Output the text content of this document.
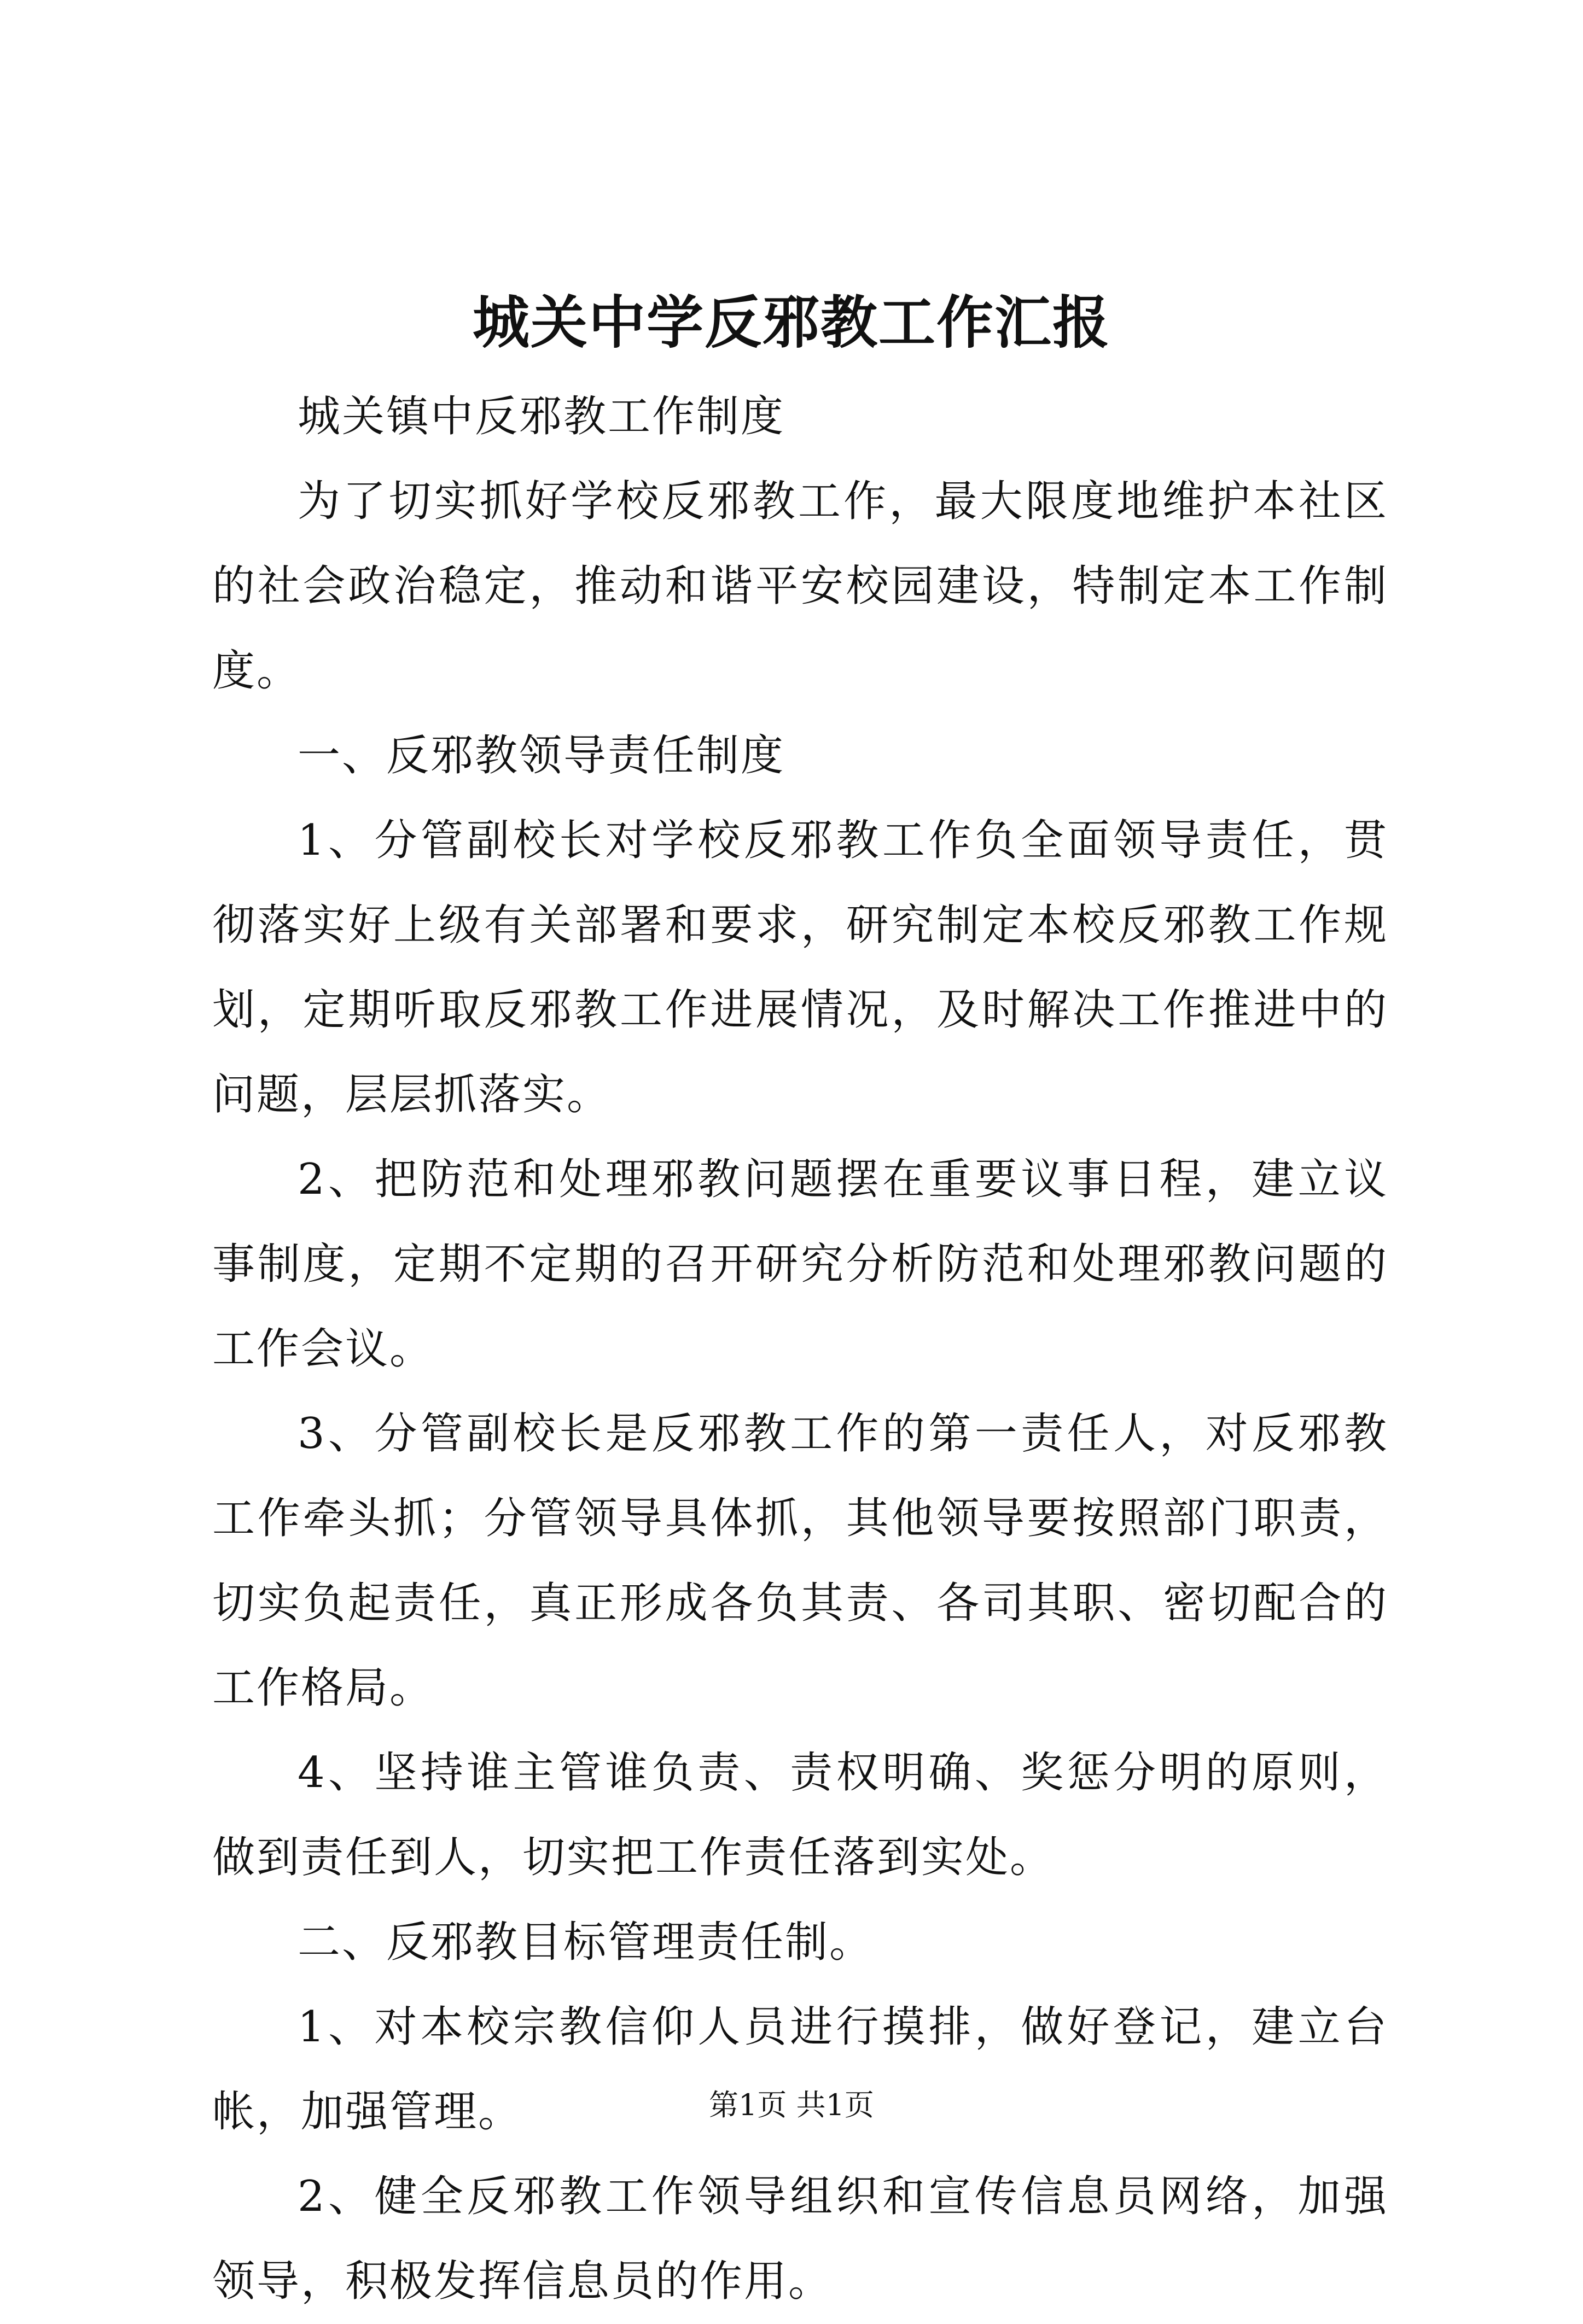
城关中学反邪教工作汇报

城关镇中反邪教工作制度

为了切实抓好学校反邪教工作，最大限度地维护本社区的社会政治稳定，推动和谐平安校园建设，特制定本工作制度。

一、反邪教领导责任制度

1、分管副校长对学校反邪教工作负全面领导责任，贯彻落实好上级有关部署和要求，研究制定本校反邪教工作规划，定期听取反邪教工作进展情况，及时解决工作推进中的问题，层层抓落实。

2、把防范和处理邪教问题摆在重要议事日程，建立议事制度，定期不定期的召开研究分析防范和处理邪教问题的工作会议。

3、分管副校长是反邪教工作的第一责任人，对反邪教工作牵头抓；分管领导具体抓，其他领导要按照部门职责，切实负起责任，真正形成各负其责、各司其职、密切配合的工作格局。

4、坚持谁主管谁负责、责权明确、奖惩分明的原则，做到责任到人，切实把工作责任落到实处。

二、反邪教目标管理责任制。

1、对本校宗教信仰人员进行摸排，做好登记，建立台帐，加强管理。

2、健全反邪教工作领导组织和宣传信息员网络，加强领导，积极发挥信息员的作用。

第1页 共1页
